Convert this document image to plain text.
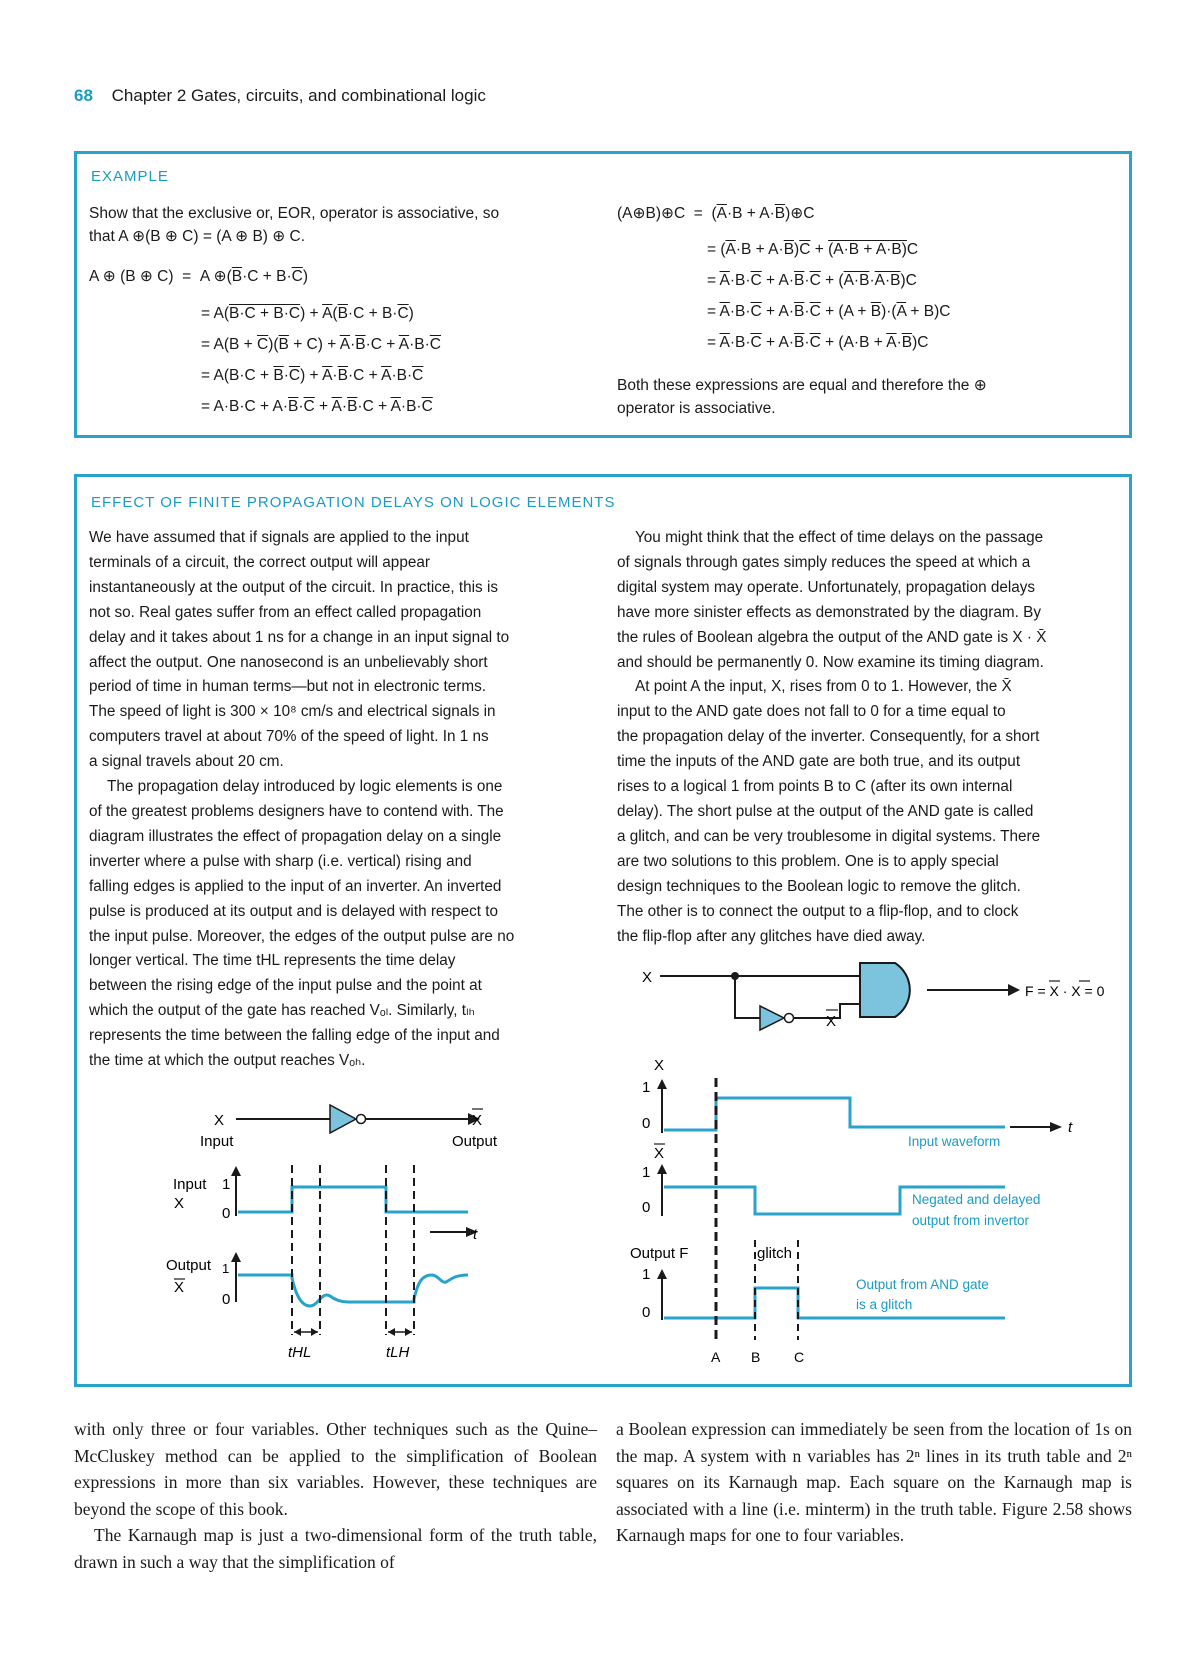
68 Chapter 2 Gates, circuits, and combinational logic
EXAMPLE
Show that the exclusive or, EOR, operator is associative, so
that A ⊕(B ⊕ C) = (A ⊕ B) ⊕ C.
A ⊕ (B ⊕ C)  =  A $\oplus(\overline{B}\cdot C + B\cdot\overline{C})$
= $A(B\cdot C + B\cdot C) + \overline{A}(\overline{B}\cdot C + B\cdot\overline{C})$
= $A(B + \overline{C})(\overline{B} + C) + \overline{A}\cdot\overline{B}\cdot C + \overline{A}\cdot B\cdot\overline{C}$
= $A(B\cdot C + \overline{B}\cdot\overline{C}) + \overline{A}\cdot\overline{B}\cdot C + \overline{A}\cdot B\cdot\overline{C}$
= $A\cdot B\cdot C + A\cdot\overline{B}\cdot\overline{C} + \overline{A}\cdot\overline{B}\cdot C + \overline{A}\cdot B\cdot\overline{C}$
(A⊕B)⊕C  =  ($\overline{A}\cdot B$ + $A\cdot\overline{B})\oplus C$
= $(\overline{A}\cdot B + A\cdot\overline{B})\overline{C} + (A\cdot B + A\cdot B)C$
= $\overline{A}\cdot B\cdot\overline{C} + A\cdot\overline{B}\cdot\overline{C} + (A\cdot B\cdot A\cdot B)C$
= $\overline{A}\cdot B\cdot\overline{C} + A\cdot\overline{B}\cdot\overline{C} + (A + \overline{B})\cdot(\overline{A} + B)C$
= $\overline{A}\cdot B\cdot\overline{C} + A\cdot\overline{B}\cdot\overline{C} + (A\cdot B + \overline{A}\cdot\overline{B})C$
Both these expressions are equal and therefore the ⊕
operator is associative.
EFFECT OF FINITE PROPAGATION DELAYS ON LOGIC ELEMENTS

We have assumed that if signals are applied to the input

terminals of a circuit, the correct output will appear

instantaneously at the output of the circuit. In practice, this is

not so. Real gates suffer from an effect called propagation

delay and it takes about 1 ns for a change in an input signal to

affect the output. One nanosecond is an unbelievably short

period of time in human terms—but not in electronic terms.

The speed of light is 300 × 10⁸ cm/s and electrical signals in

computers travel at about 70% of the speed of light. In 1 ns

a signal travels about 20 cm.

The propagation delay introduced by logic elements is one

of the greatest problems designers have to contend with. The

diagram illustrates the effect of propagation delay on a single

inverter where a pulse with sharp (i.e. vertical) rising and

falling edges is applied to the input of an inverter. An inverted

pulse is produced at its output and is delayed with respect to

the input pulse. Moreover, the edges of the output pulse are no

longer vertical. The time tHL represents the time delay

between the rising edge of the input pulse and the point at

which the output of the gate has reached Vₒₗ. Similarly, tₗₕ

represents the time between the falling edge of the input and

the time at which the output reaches Vₒₕ.

You might think that the effect of time delays on the passage

of signals through gates simply reduces the speed at which a

digital system may operate. Unfortunately, propagation delays

have more sinister effects as demonstrated by the diagram. By

the rules of Boolean algebra the output of the AND gate is X · X̄

and should be permanently 0. Now examine its timing diagram.

At point A the input, X, rises from 0 to 1. However, the X̄

input to the AND gate does not fall to 0 for a time equal to

the propagation delay of the inverter. Consequently, for a short

time the inputs of the AND gate are both true, and its output

rises to a logical 1 from points B to C (after its own internal

delay). The short pulse at the output of the AND gate is called

a glitch, and can be very troublesome in digital systems. There

are two solutions to this problem. One is to apply special

design techniques to the Boolean logic to remove the glitch.

The other is to connect the output to a flip-flop, and to clock

the flip-flop after any glitches have died away.

X
Input
X
Output
Input 1
X
0
t
Output 1
X
0
tHL	tLH
X
X
F = X · X = 0
X
1
0	t
Input waveform
X
1
0	Negated and delayed
output from invertor
Output F
1
0
glitch
Output from AND gate
is a glitch
A B C

with only three or four variables. Other techniques such as the Quine–McCluskey method can be applied to the simplification of Boolean expressions in more than six variables. However, these techniques are beyond the scope of this book.

The Karnaugh map is just a two-dimensional form of the truth table, drawn in such a way that the simplification of

a Boolean expression can immediately be seen from the location of 1s on the map. A system with n variables has 2ⁿ lines in its truth table and 2ⁿ squares on its Karnaugh map. Each square on the Karnaugh map is associated with a line (i.e. minterm) in the truth table. Figure 2.58 shows Karnaugh maps for one to four variables.
